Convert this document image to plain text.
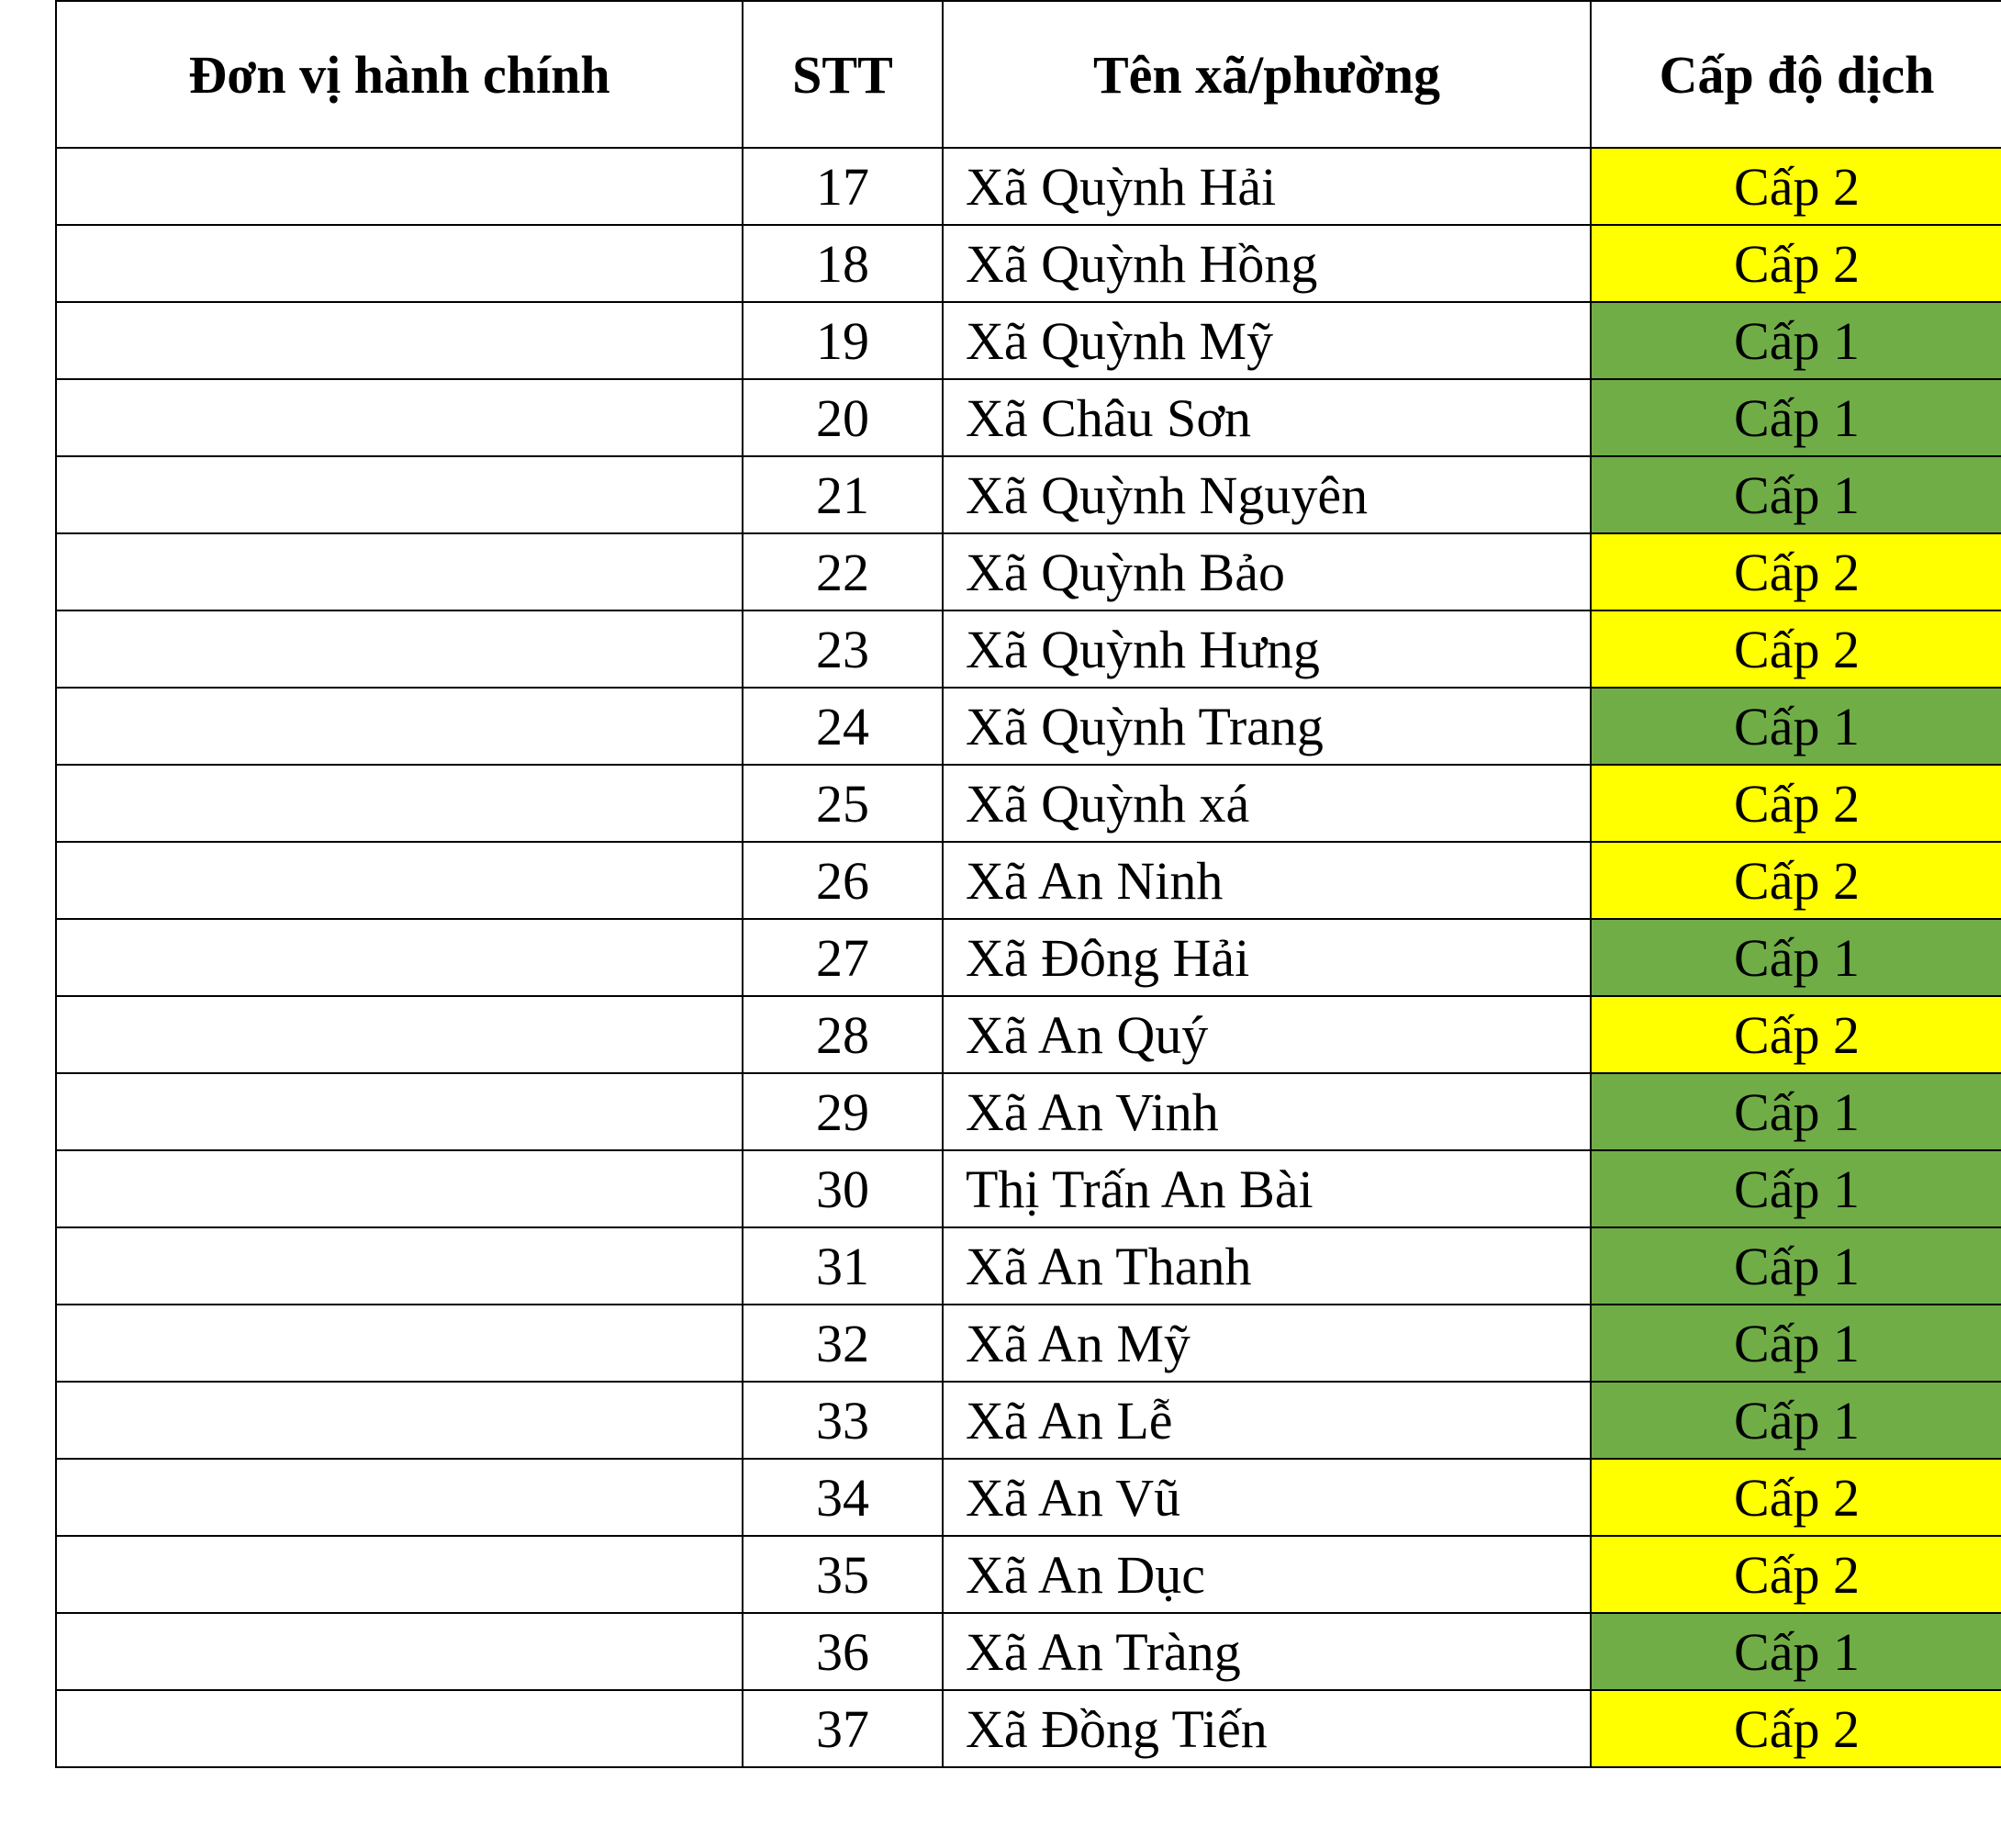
Đơn vị hành chính	STT	Tên xã/phường	Cấp độ dịch
	17	Xã Quỳnh Hải	Cấp 2
	18	Xã Quỳnh Hồng	Cấp 2
	19	Xã Quỳnh Mỹ	Cấp 1
	20	Xã Châu Sơn	Cấp 1
	21	Xã Quỳnh Nguyên	Cấp 1
	22	Xã Quỳnh Bảo	Cấp 2
	23	Xã Quỳnh Hưng	Cấp 2
	24	Xã Quỳnh Trang	Cấp 1
	25	Xã Quỳnh xá	Cấp 2
	26	Xã An Ninh	Cấp 2
	27	Xã Đông Hải	Cấp 1
	28	Xã An Quý	Cấp 2
	29	Xã An Vinh	Cấp 1
	30	Thị Trấn An Bài	Cấp 1
	31	Xã An Thanh	Cấp 1
	32	Xã An Mỹ	Cấp 1
	33	Xã An Lễ	Cấp 1
	34	Xã An Vũ	Cấp 2
	35	Xã An Dục	Cấp 2
	36	Xã An Tràng	Cấp 1
	37	Xã Đồng Tiến	Cấp 2
